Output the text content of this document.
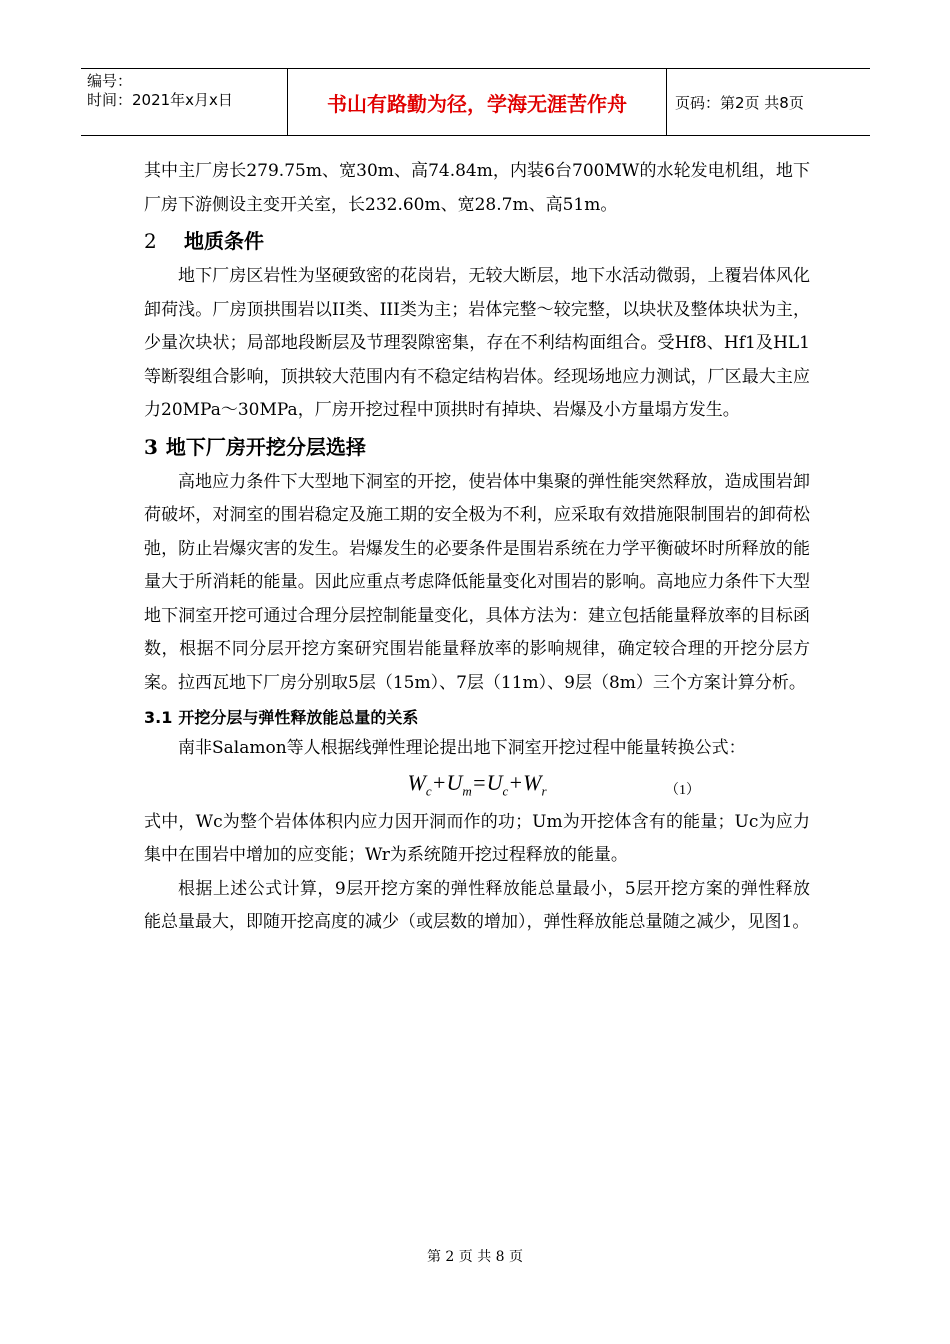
编号：
时间：2021年x月x日	书山有路勤为径，学海无涯苦作舟	页码：第2页 共8页

其中主厂房长279.75m、宽30m、高74.84m，内装6台700MW的水轮发电机组，地下厂房下游侧设主变开关室，长232.60m、宽28.7m、高51m。

2 地质条件

地下厂房区岩性为坚硬致密的花岗岩，无较大断层，地下水活动微弱，上覆岩体风化卸荷浅。厂房顶拱围岩以II类、III类为主；岩体完整～较完整，以块状及整体块状为主，少量次块状；局部地段断层及节理裂隙密集，存在不利结构面组合。受Hf8、Hf1及HL1等断裂组合影响，顶拱较大范围内有不稳定结构岩体。经现场地应力测试，厂区最大主应力20MPa～30MPa，厂房开挖过程中顶拱时有掉块、岩爆及小方量塌方发生。

3 地下厂房开挖分层选择

高地应力条件下大型地下洞室的开挖，使岩体中集聚的弹性能突然释放，造成围岩卸荷破坏，对洞室的围岩稳定及施工期的安全极为不利，应采取有效措施限制围岩的卸荷松弛，防止岩爆灾害的发生。岩爆发生的必要条件是围岩系统在力学平衡破坏时所释放的能量大于所消耗的能量。因此应重点考虑降低能量变化对围岩的影响。高地应力条件下大型地下洞室开挖可通过合理分层控制能量变化，具体方法为：建立包括能量释放率的目标函数，根据不同分层开挖方案研究围岩能量释放率的影响规律，确定较合理的开挖分层方案。拉西瓦地下厂房分别取5层（15m）、7层（11m）、9层（8m）三个方案计算分析。

3.1 开挖分层与弹性释放能总量的关系

南非Salamon等人根据线弹性理论提出地下洞室开挖过程中能量转换公式：

$W_c+U_m=U_c+W_r$	（1）

式中，Wc为整个岩体体积内应力因开洞而作的功；Um为开挖体含有的能量；Uc为应力集中在围岩中增加的应变能；Wr为系统随开挖过程释放的能量。

根据上述公式计算，9层开挖方案的弹性释放能总量最小，5层开挖方案的弹性释放能总量最大，即随开挖高度的减少（或层数的增加），弹性释放能总量随之减少，见图1。

第 2 页 共 8 页
